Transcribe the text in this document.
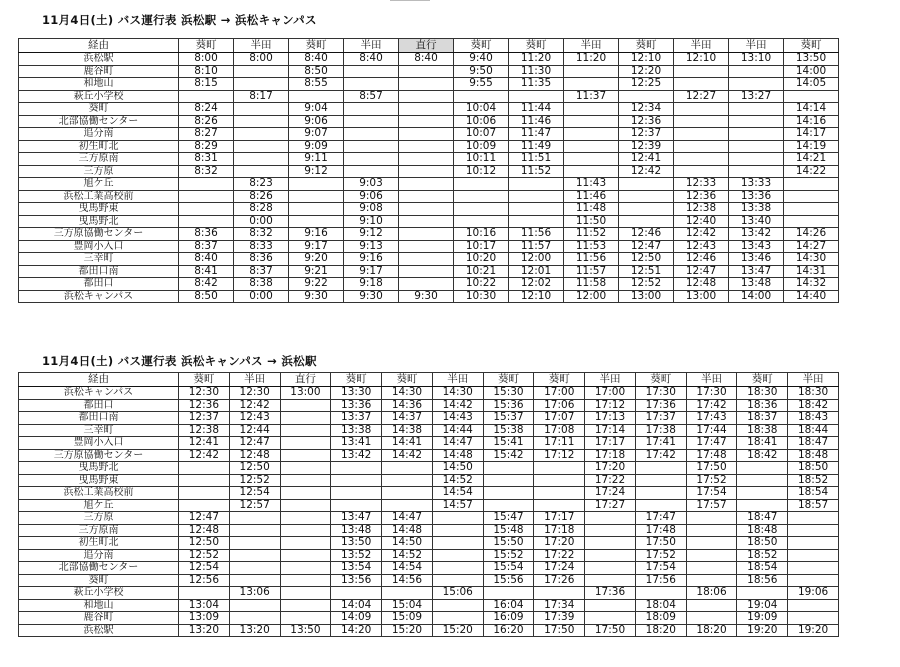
11月4日(土) バス運行表 浜松駅 → 浜松キャンパス
経由	葵町	半田	葵町	半田	直行	葵町	葵町	半田	葵町	半田	半田	葵町
浜松駅	8:00	8:00	8:40	8:40	8:40	9:40	11:20	11:20	12:10	12:10	13:10	13:50
鹿谷町	8:10		8:50			9:50	11:30		12:20			14:00
和地山	8:15		8:55			9:55	11:35		12:25			14:05
萩丘小学校		8:17		8:57				11:37		12:27	13:27	
葵町	8:24		9:04			10:04	11:44		12:34			14:14
北部協働センター	8:26		9:06			10:06	11:46		12:36			14:16
追分南	8:27		9:07			10:07	11:47		12:37			14:17
初生町北	8:29		9:09			10:09	11:49		12:39			14:19
三方原南	8:31		9:11			10:11	11:51		12:41			14:21
三方原	8:32		9:12			10:12	11:52		12:42			14:22
旭ケ丘		8:23		9:03				11:43		12:33	13:33	
浜松工業高校前		8:26		9:06				11:46		12:36	13:36	
曳馬野東		8:28		9:08				11:48		12:38	13:38	
曳馬野北		0:00		9:10				11:50		12:40	13:40	
三方原協働センター	8:36	8:32	9:16	9:12		10:16	11:56	11:52	12:46	12:42	13:42	14:26
豊岡小入口	8:37	8:33	9:17	9:13		10:17	11:57	11:53	12:47	12:43	13:43	14:27
三幸町	8:40	8:36	9:20	9:16		10:20	12:00	11:56	12:50	12:46	13:46	14:30
都田口南	8:41	8:37	9:21	9:17		10:21	12:01	11:57	12:51	12:47	13:47	14:31
都田口	8:42	8:38	9:22	9:18		10:22	12:02	11:58	12:52	12:48	13:48	14:32
浜松キャンパス	8:50	0:00	9:30	9:30	9:30	10:30	12:10	12:00	13:00	13:00	14:00	14:40
11月4日(土) バス運行表 浜松キャンパス → 浜松駅
経由	葵町	半田	直行	葵町	葵町	半田	葵町	葵町	半田	葵町	半田	葵町	半田
浜松キャンパス	12:30	12:30	13:00	13:30	14:30	14:30	15:30	17:00	17:00	17:30	17:30	18:30	18:30
都田口	12:36	12:42		13:36	14:36	14:42	15:36	17:06	17:12	17:36	17:42	18:36	18:42
都田口南	12:37	12:43		13:37	14:37	14:43	15:37	17:07	17:13	17:37	17:43	18:37	18:43
三幸町	12:38	12:44		13:38	14:38	14:44	15:38	17:08	17:14	17:38	17:44	18:38	18:44
豊岡小入口	12:41	12:47		13:41	14:41	14:47	15:41	17:11	17:17	17:41	17:47	18:41	18:47
三方原協働センター	12:42	12:48		13:42	14:42	14:48	15:42	17:12	17:18	17:42	17:48	18:42	18:48
曳馬野北		12:50				14:50			17:20		17:50		18:50
曳馬野東		12:52				14:52			17:22		17:52		18:52
浜松工業高校前		12:54				14:54			17:24		17:54		18:54
旭ケ丘		12:57				14:57			17:27		17:57		18:57
三方原	12:47			13:47	14:47		15:47	17:17		17:47		18:47	
三方原南	12:48			13:48	14:48		15:48	17:18		17:48		18:48	
初生町北	12:50			13:50	14:50		15:50	17:20		17:50		18:50	
追分南	12:52			13:52	14:52		15:52	17:22		17:52		18:52	
北部協働センター	12:54			13:54	14:54		15:54	17:24		17:54		18:54	
葵町	12:56			13:56	14:56		15:56	17:26		17:56		18:56	
萩丘小学校		13:06				15:06			17:36		18:06		19:06
和地山	13:04			14:04	15:04		16:04	17:34		18:04		19:04	
鹿谷町	13:09			14:09	15:09		16:09	17:39		18:09		19:09	
浜松駅	13:20	13:20	13:50	14:20	15:20	15:20	16:20	17:50	17:50	18:20	18:20	19:20	19:20
